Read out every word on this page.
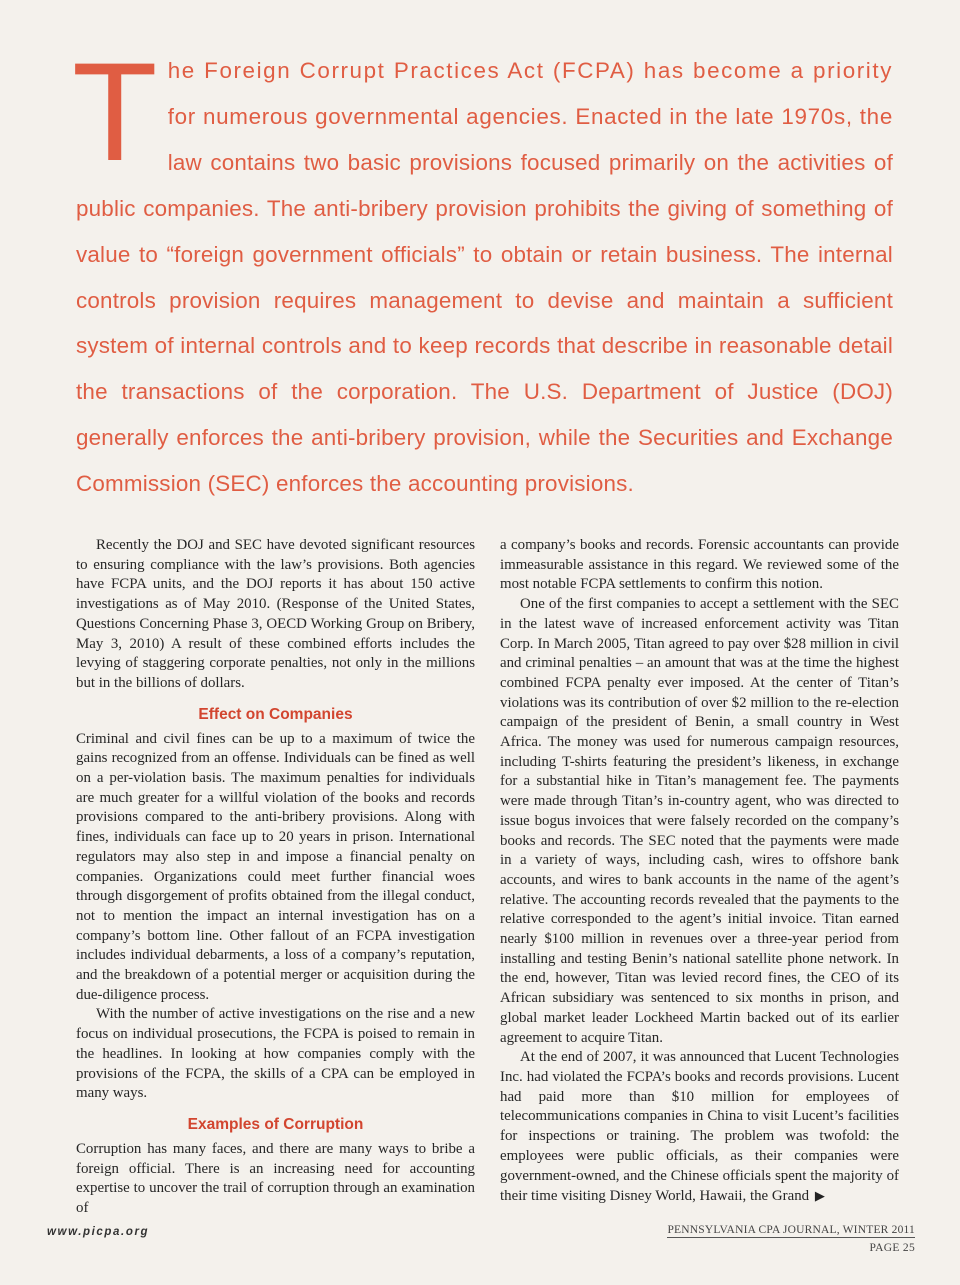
The Foreign Corrupt Practices Act (FCPA) has become a priority for numerous governmental agencies. Enacted in the late 1970s, the law contains two basic provisions focused primarily on the activities of public companies. The anti-bribery provision prohibits the giving of something of value to “foreign government officials” to obtain or retain business. The internal controls provision requires management to devise and maintain a sufficient system of internal controls and to keep records that describe in reasonable detail the transactions of the corporation. The U.S. Department of Justice (DOJ) generally enforces the anti-bribery provision, while the Securities and Exchange Commission (SEC) enforces the accounting provisions.

Recently the DOJ and SEC have devoted significant resources to ensuring compliance with the law’s provisions. Both agencies have FCPA units, and the DOJ reports it has about 150 active investigations as of May 2010. (Response of the United States, Questions Concerning Phase 3, OECD Working Group on Bribery, May 3, 2010) A result of these combined efforts includes the levying of staggering corporate penalties, not only in the millions but in the billions of dollars.

Effect on Companies

Criminal and civil fines can be up to a maximum of twice the gains recognized from an offense. Individuals can be fined as well on a per-violation basis. The maximum penalties for individuals are much greater for a willful violation of the books and records provisions compared to the anti-bribery provisions. Along with fines, individuals can face up to 20 years in prison. International regulators may also step in and impose a financial penalty on companies. Organizations could meet further financial woes through disgorgement of profits obtained from the illegal conduct, not to mention the impact an internal investigation has on a company’s bottom line. Other fallout of an FCPA investigation includes individual debarments, a loss of a company’s reputation, and the breakdown of a potential merger or acquisition during the due-diligence process.

With the number of active investigations on the rise and a new focus on individual prosecutions, the FCPA is poised to remain in the headlines. In looking at how companies comply with the provisions of the FCPA, the skills of a CPA can be employed in many ways.

Examples of Corruption

Corruption has many faces, and there are many ways to bribe a foreign official. There is an increasing need for accounting expertise to uncover the trail of corruption through an examination of

a company’s books and records. Forensic accountants can provide immeasurable assistance in this regard. We reviewed some of the most notable FCPA settlements to confirm this notion.

One of the first companies to accept a settlement with the SEC in the latest wave of increased enforcement activity was Titan Corp. In March 2005, Titan agreed to pay over $28 million in civil and criminal penalties – an amount that was at the time the highest combined FCPA penalty ever imposed. At the center of Titan’s violations was its contribution of over $2 million to the re-election campaign of the president of Benin, a small country in West Africa. The money was used for numerous campaign resources, including T-shirts featuring the president’s likeness, in exchange for a substantial hike in Titan’s management fee. The payments were made through Titan’s in-country agent, who was directed to issue bogus invoices that were falsely recorded on the company’s books and records. The SEC noted that the payments were made in a variety of ways, including cash, wires to offshore bank accounts, and wires to bank accounts in the name of the agent’s relative. The accounting records revealed that the payments to the relative corresponded to the agent’s initial invoice. Titan earned nearly $100 million in revenues over a three-year period from installing and testing Benin’s national satellite phone network. In the end, however, Titan was levied record fines, the CEO of its African subsidiary was sentenced to six months in prison, and global market leader Lockheed Martin backed out of its earlier agreement to acquire Titan.

At the end of 2007, it was announced that Lucent Technologies Inc. had violated the FCPA’s books and records provisions. Lucent had paid more than $10 million for employees of telecommunications companies in China to visit Lucent’s facilities for inspections or training. The problem was twofold: the employees were public officials, as their companies were government-owned, and the Chinese officials spent the majority of their time visiting Disney World, Hawaii, the Grand ▶

www.picpa.org	PENNSYLVANIA CPA JOURNAL, WINTER 2011
PAGE 25
